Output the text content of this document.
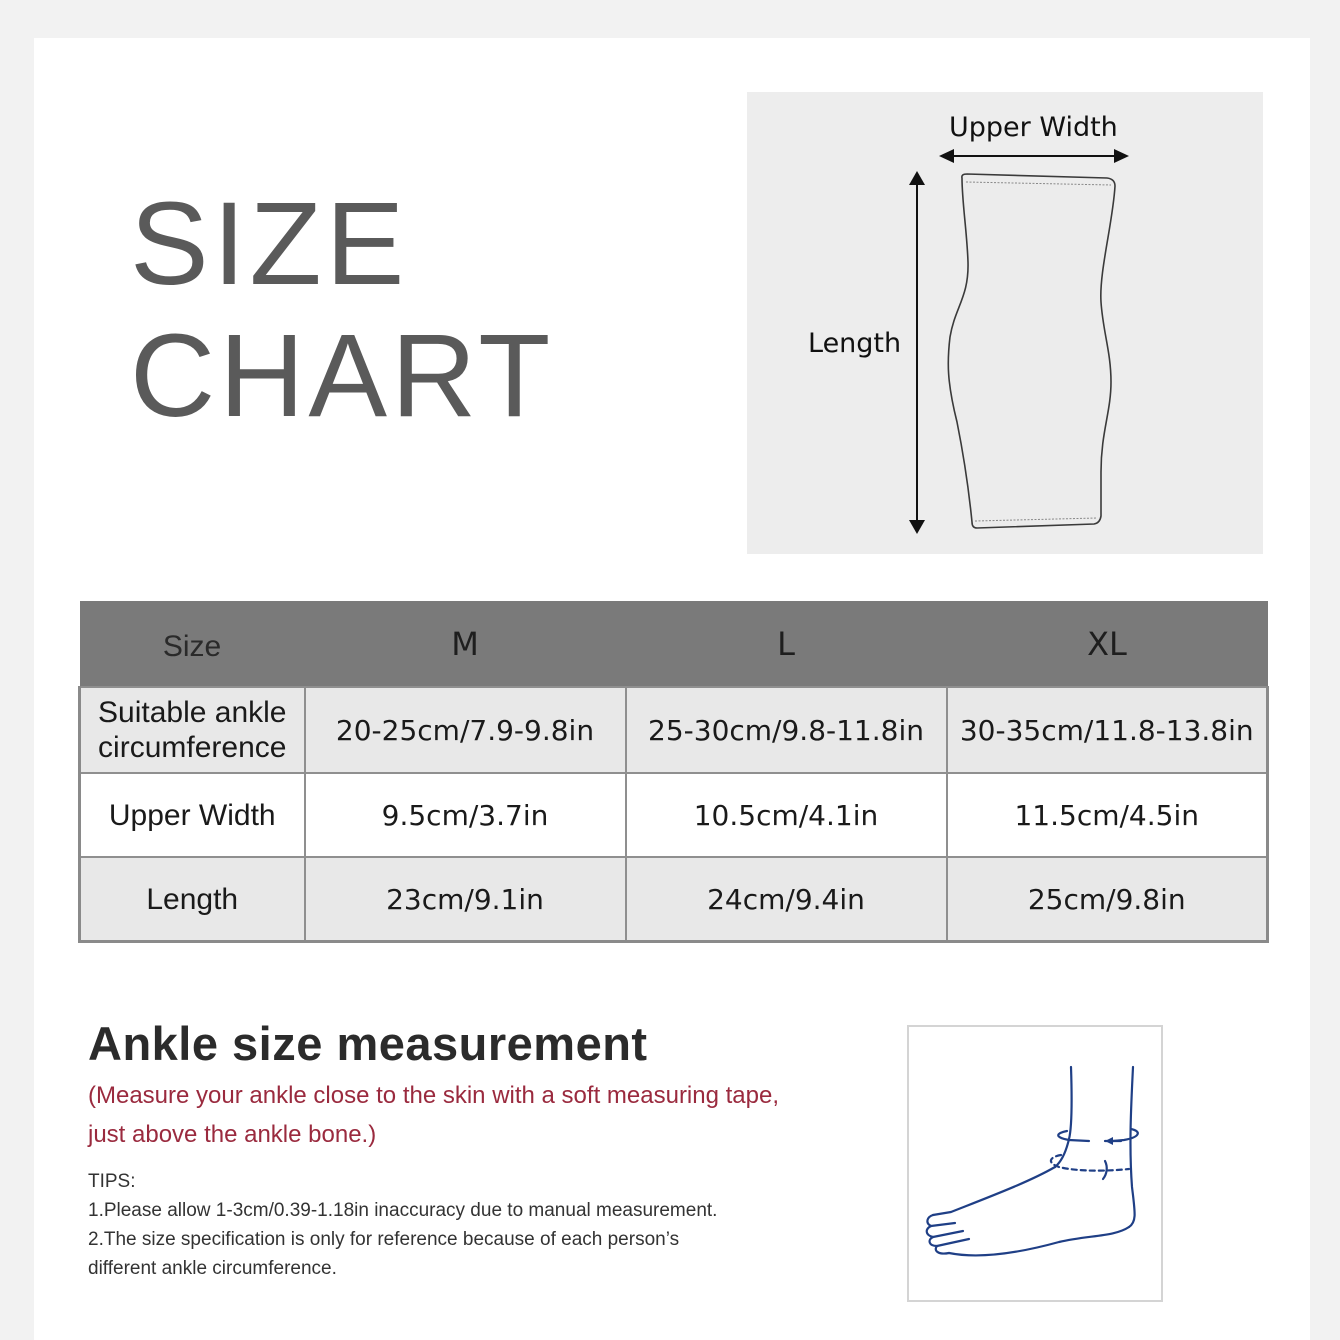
SIZE
CHART
Upper Width
Length
Size	M	L	XL

Suitable ankle
circumference	20-25cm/7.9-9.8in	25-30cm/9.8-11.8in	30-35cm/11.8-13.8in
Upper Width	9.5cm/3.7in	10.5cm/4.1in	11.5cm/4.5in
Length	23cm/9.1in	24cm/9.4in	25cm/9.8in
Ankle size measurement

(Measure your ankle close to the skin with a soft measuring tape,
just above the ankle bone.)

TIPS:

1.Please allow 1-3cm/0.39-1.18in inaccuracy due to manual measurement.

2.The size specification is only for reference because of each person’s

different ankle circumference.
